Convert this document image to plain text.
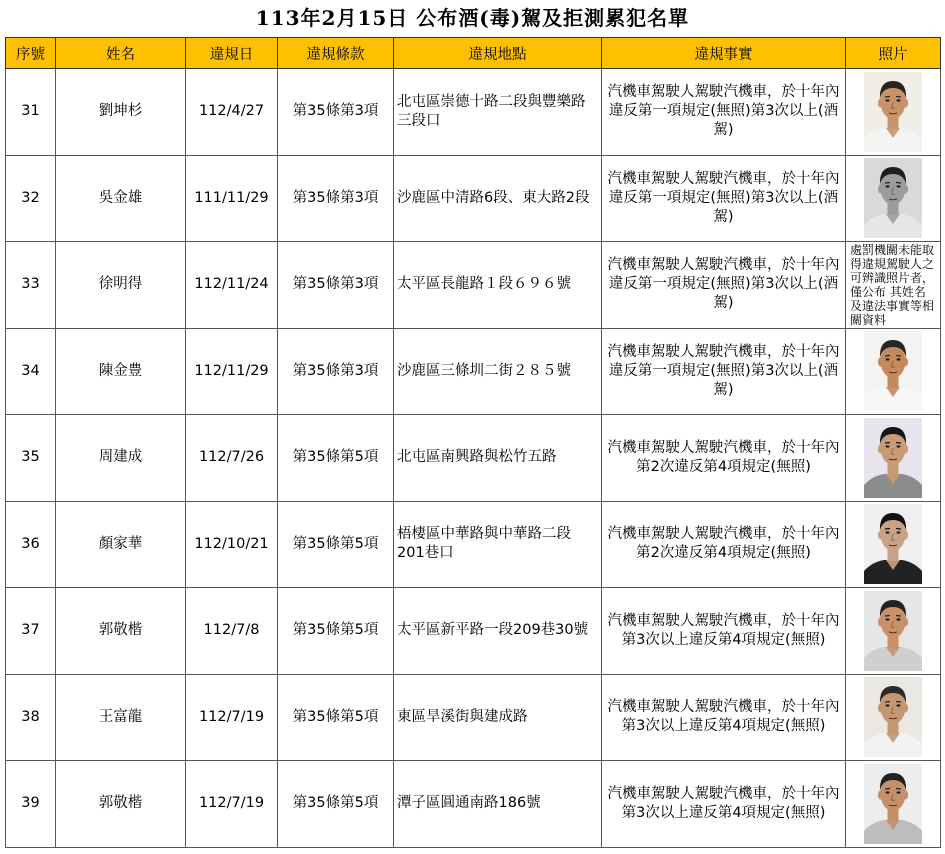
113年2月15日 公布酒(毒)駕及拒測累犯名單
序號	姓名	違規日	違規條款	違規地點	違規事實	照片
31	劉坤杉	112/4/27	第35條第3項	北屯區崇德十路二段與豐樂路三段口	汽機車駕駛人駕駛汽機車，於十年內違反第一項規定(無照)第3次以上(酒駕)	

32	吳金雄	111/11/29	第35條第3項	沙鹿區中清路6段、東大路2段	汽機車駕駛人駕駛汽機車，於十年內違反第一項規定(無照)第3次以上(酒駕)	

33	徐明得	112/11/24	第35條第3項	太平區長龍路１段６９６號	汽機車駕駛人駕駛汽機車，於十年內違反第一項規定(無照)第3次以上(酒駕)	處罰機關未能取得違規駕駛人之可辨識照片者，僅公布 其姓名及違法事實等相關資料

34	陳金豊	112/11/29	第35條第3項	沙鹿區三條圳二街２８５號	汽機車駕駛人駕駛汽機車，於十年內違反第一項規定(無照)第3次以上(酒駕)	

35	周建成	112/7/26	第35條第5項	北屯區南興路與松竹五路	汽機車駕駛人駕駛汽機車，於十年內第2次違反第4項規定(無照)	

36	顏家華	112/10/21	第35條第5項	梧棲區中華路與中華路二段201巷口	汽機車駕駛人駕駛汽機車，於十年內第2次違反第4項規定(無照)	

37	郭敬楷	112/7/8	第35條第5項	太平區新平路一段209巷30號	汽機車駕駛人駕駛汽機車，於十年內第3次以上違反第4項規定(無照)	

38	王富龍	112/7/19	第35條第5項	東區旱溪街與建成路	汽機車駕駛人駕駛汽機車，於十年內第3次以上違反第4項規定(無照)	

39	郭敬楷	112/7/19	第35條第5項	潭子區圓通南路186號	汽機車駕駛人駕駛汽機車，於十年內第3次以上違反第4項規定(無照)	
